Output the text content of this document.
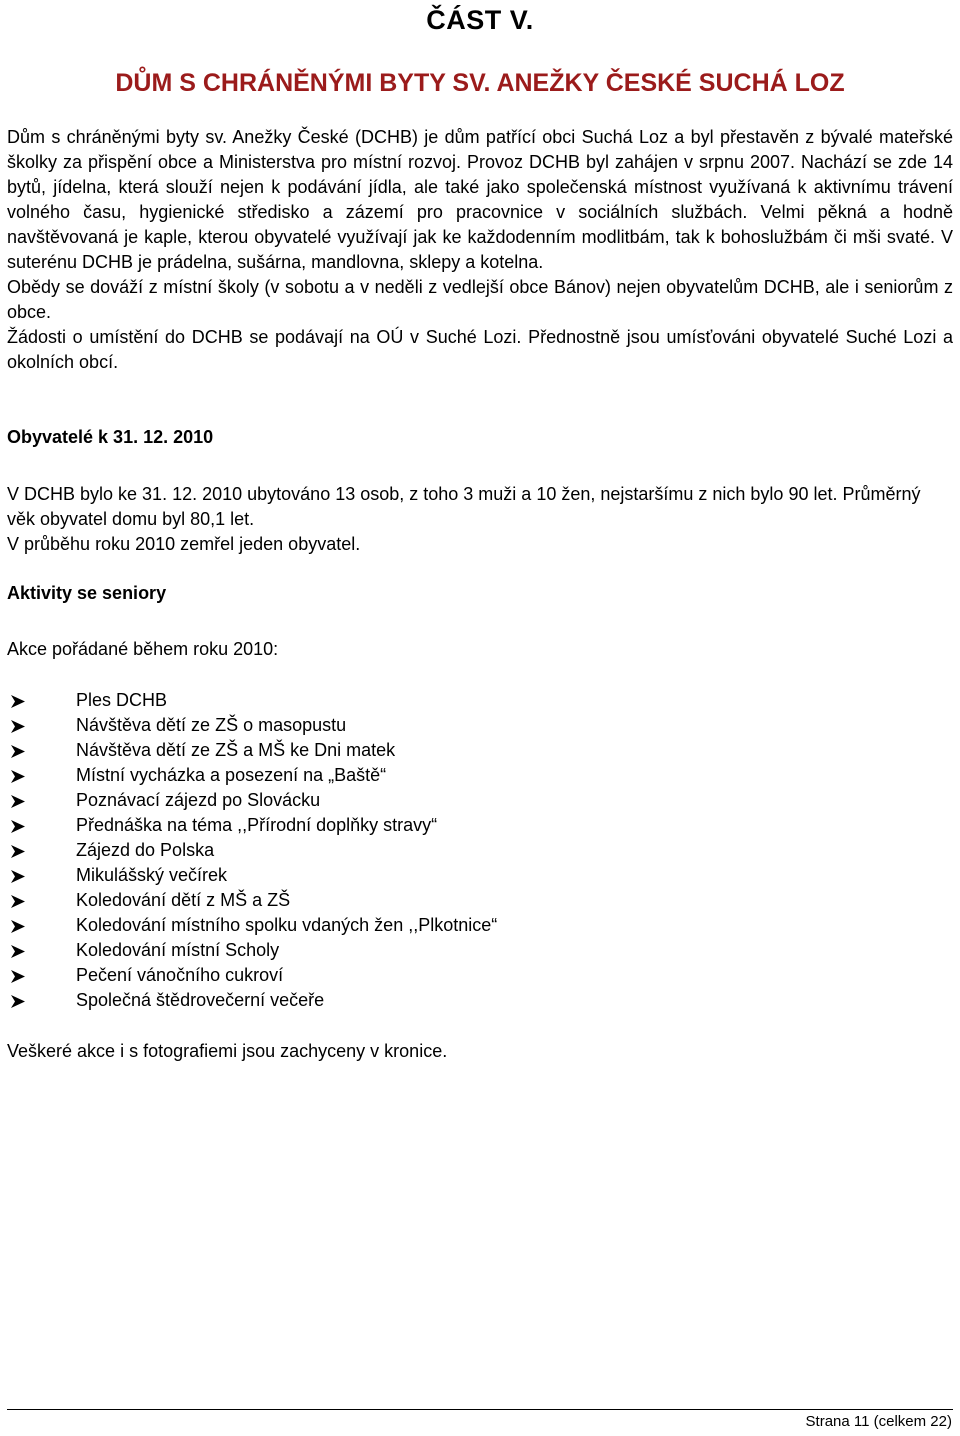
ČÁST V.
DŮM S CHRÁNĚNÝMI BYTY SV. ANEŽKY ČESKÉ SUCHÁ LOZ

Dům s chráněnými byty sv. Anežky České (DCHB) je dům patřící obci Suchá Loz a byl přestavěn z bývalé mateřské školky za přispění obce a Ministerstva pro místní rozvoj. Provoz DCHB byl zahájen v srpnu 2007. Nachází se zde 14 bytů, jídelna, která slouží nejen k podávání jídla, ale také jako společenská místnost využívaná k aktivnímu trávení volného času, hygienické středisko a zázemí pro pracovnice v sociálních službách. Velmi pěkná a hodně navštěvovaná je kaple, kterou obyvatelé využívají jak ke každodenním modlitbám, tak k bohoslužbám či mši svaté. V suterénu DCHB je prádelna, sušárna, mandlovna, sklepy a kotelna.

Obědy se dováží z místní školy (v sobotu a v neděli z vedlejší obce Bánov) nejen obyvatelům DCHB, ale i seniorům z obce.

Žádosti o umístění do DCHB se podávají na OÚ v Suché Lozi. Přednostně jsou umísťováni obyvatelé Suché Lozi a okolních obcí.

Obyvatelé k 31. 12. 2010
V DCHB bylo ke 31. 12. 2010 ubytováno 13 osob, z toho 3 muži a 10 žen, nejstaršímu z nich bylo 90 let. Průměrný věk obyvatel domu byl 80,1 let.
V průběhu roku 2010 zemřel jeden obyvatel.
Aktivity se seniory
Akce pořádané během roku 2010:
Ples DCHB
Návštěva dětí ze ZŠ o masopustu
Návštěva dětí ze ZŠ a MŠ ke Dni matek
Místní vycházka a posezení na „Baště“
Poznávací zájezd po Slovácku
Přednáška na téma ,,Přírodní doplňky stravy“
Zájezd do Polska
Mikulášský večírek
Koledování dětí z MŠ a ZŠ
Koledování místního spolku vdaných žen ,,Plkotnice“
Koledování místní Scholy
Pečení vánočního cukroví
Společná štědrovečerní večeře
Veškeré akce i s fotografiemi jsou zachyceny v kronice.
Strana 11 (celkem 22)
